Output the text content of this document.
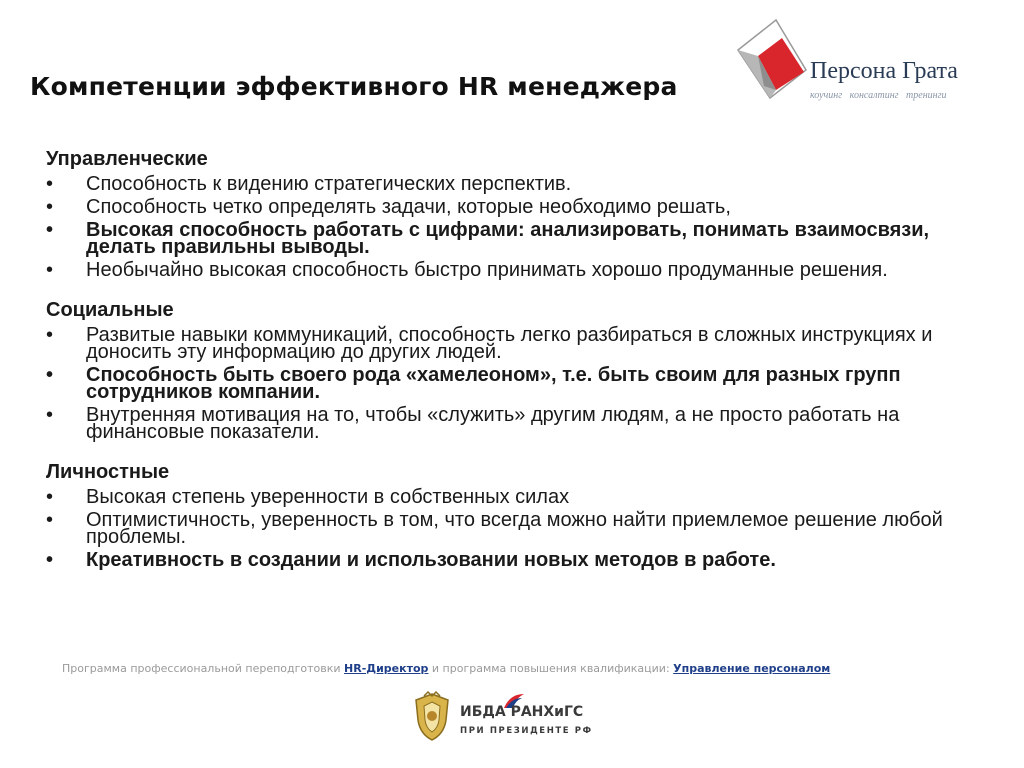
Компетенции эффективного HR менеджера
Персона Грата
коучинг консалтинг тренинги
Управленческие
• Способность к видению стратегических перспектив.
• Способность четко определять задачи, которые необходимо решать,
• Высокая способность работать с цифрами: анализировать, понимать взаимосвязи, делать правильны выводы.
• Необычайно высокая способность быстро принимать хорошо продуманные решения.
Социальные
• Развитые навыки коммуникаций, способность легко разбираться в сложных инструкциях и доносить эту информацию до других людей.
• Способность быть своего рода «хамелеоном», т.е. быть своим для разных групп сотрудников компании.
• Внутренняя мотивация на то, чтобы «служить» другим людям, а не просто работать на финансовые показатели.
Личностные
• Высокая степень уверенности в собственных силах
• Оптимистичность, уверенность в том, что всегда можно найти приемлемое решение любой проблемы.
• Креативность в создании и использовании новых методов в работе.
Программа профессиональной переподготовки HR-Директор и программа повышения квалификации: Управление персоналом
ИБДА РАНХиГС
ПРИ ПРЕЗИДЕНТЕ РФ
